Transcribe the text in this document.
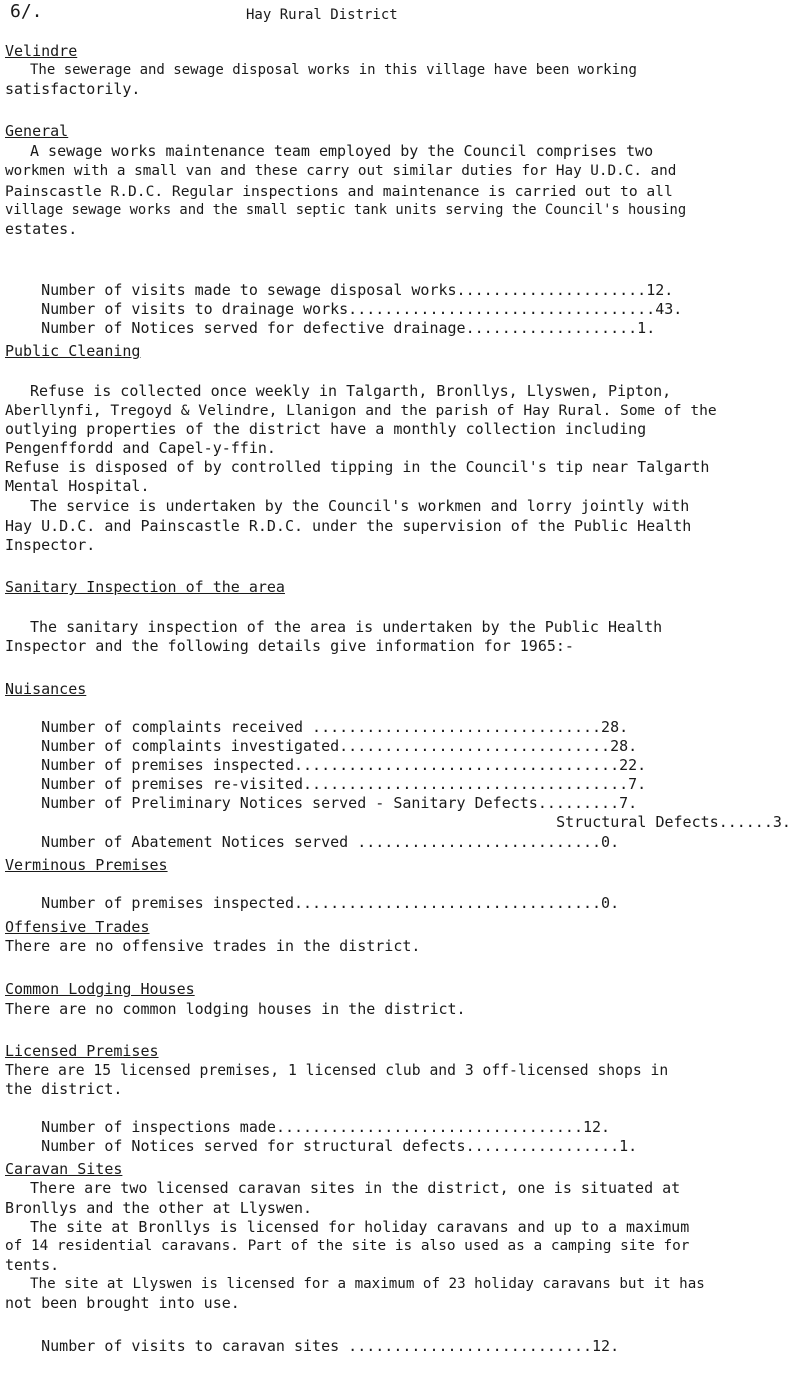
6/.	Hay Rural District
Velindre
The sewerage and sewage disposal works in this village have been working
satisfactorily.
General
A sewage works maintenance team employed by the Council comprises two
workmen with a small van and these carry out similar duties for Hay U.D.C. and
Painscastle R.D.C. Regular inspections and maintenance is carried out to all
village sewage works and the small septic tank units serving the Council's housing
estates.

Number of visits made to sewage disposal works.....................12.

Number of visits to drainage works..................................43.

Number of Notices served for defective drainage...................1.

Public Cleaning
Refuse is collected once weekly in Talgarth, Bronllys, Llyswen, Pipton,
Aberllynfi, Tregoyd & Velindre, Llanigon and the parish of Hay Rural. Some of the
outlying properties of the district have a monthly collection including
Pengenffordd and Capel-y-ffin.
Refuse is disposed of by controlled tipping in the Council's tip near Talgarth
Mental Hospital.
The service is undertaken by the Council's workmen and lorry jointly with
Hay U.D.C. and Painscastle R.D.C. under the supervision of the Public Health
Inspector.
Sanitary Inspection of the area
The sanitary inspection of the area is undertaken by the Public Health
Inspector and the following details give information for 1965:-
Nuisances

Number of complaints received ................................28.

Number of complaints investigated..............................28.

Number of premises inspected....................................22.

Number of premises re-visited....................................7.

Number of Preliminary Notices served - Sanitary Defects.........7.

Structural Defects......3.

Number of Abatement Notices served ...........................0.

Verminous Premises

Number of premises inspected..................................0.

Offensive Trades
There are no offensive trades in the district.
Common Lodging Houses
There are no common lodging houses in the district.
Licensed Premises
There are 15 licensed premises, 1 licensed club and 3 off-licensed shops in
the district.

Number of inspections made..................................12.

Number of Notices served for structural defects.................1.

Caravan Sites
There are two licensed caravan sites in the district, one is situated at
Bronllys and the other at Llyswen.
The site at Bronllys is licensed for holiday caravans and up to a maximum
of 14 residential caravans. Part of the site is also used as a camping site for
tents.
The site at Llyswen is licensed for a maximum of 23 holiday caravans but it has
not been brought into use.

Number of visits to caravan sites ...........................12.
